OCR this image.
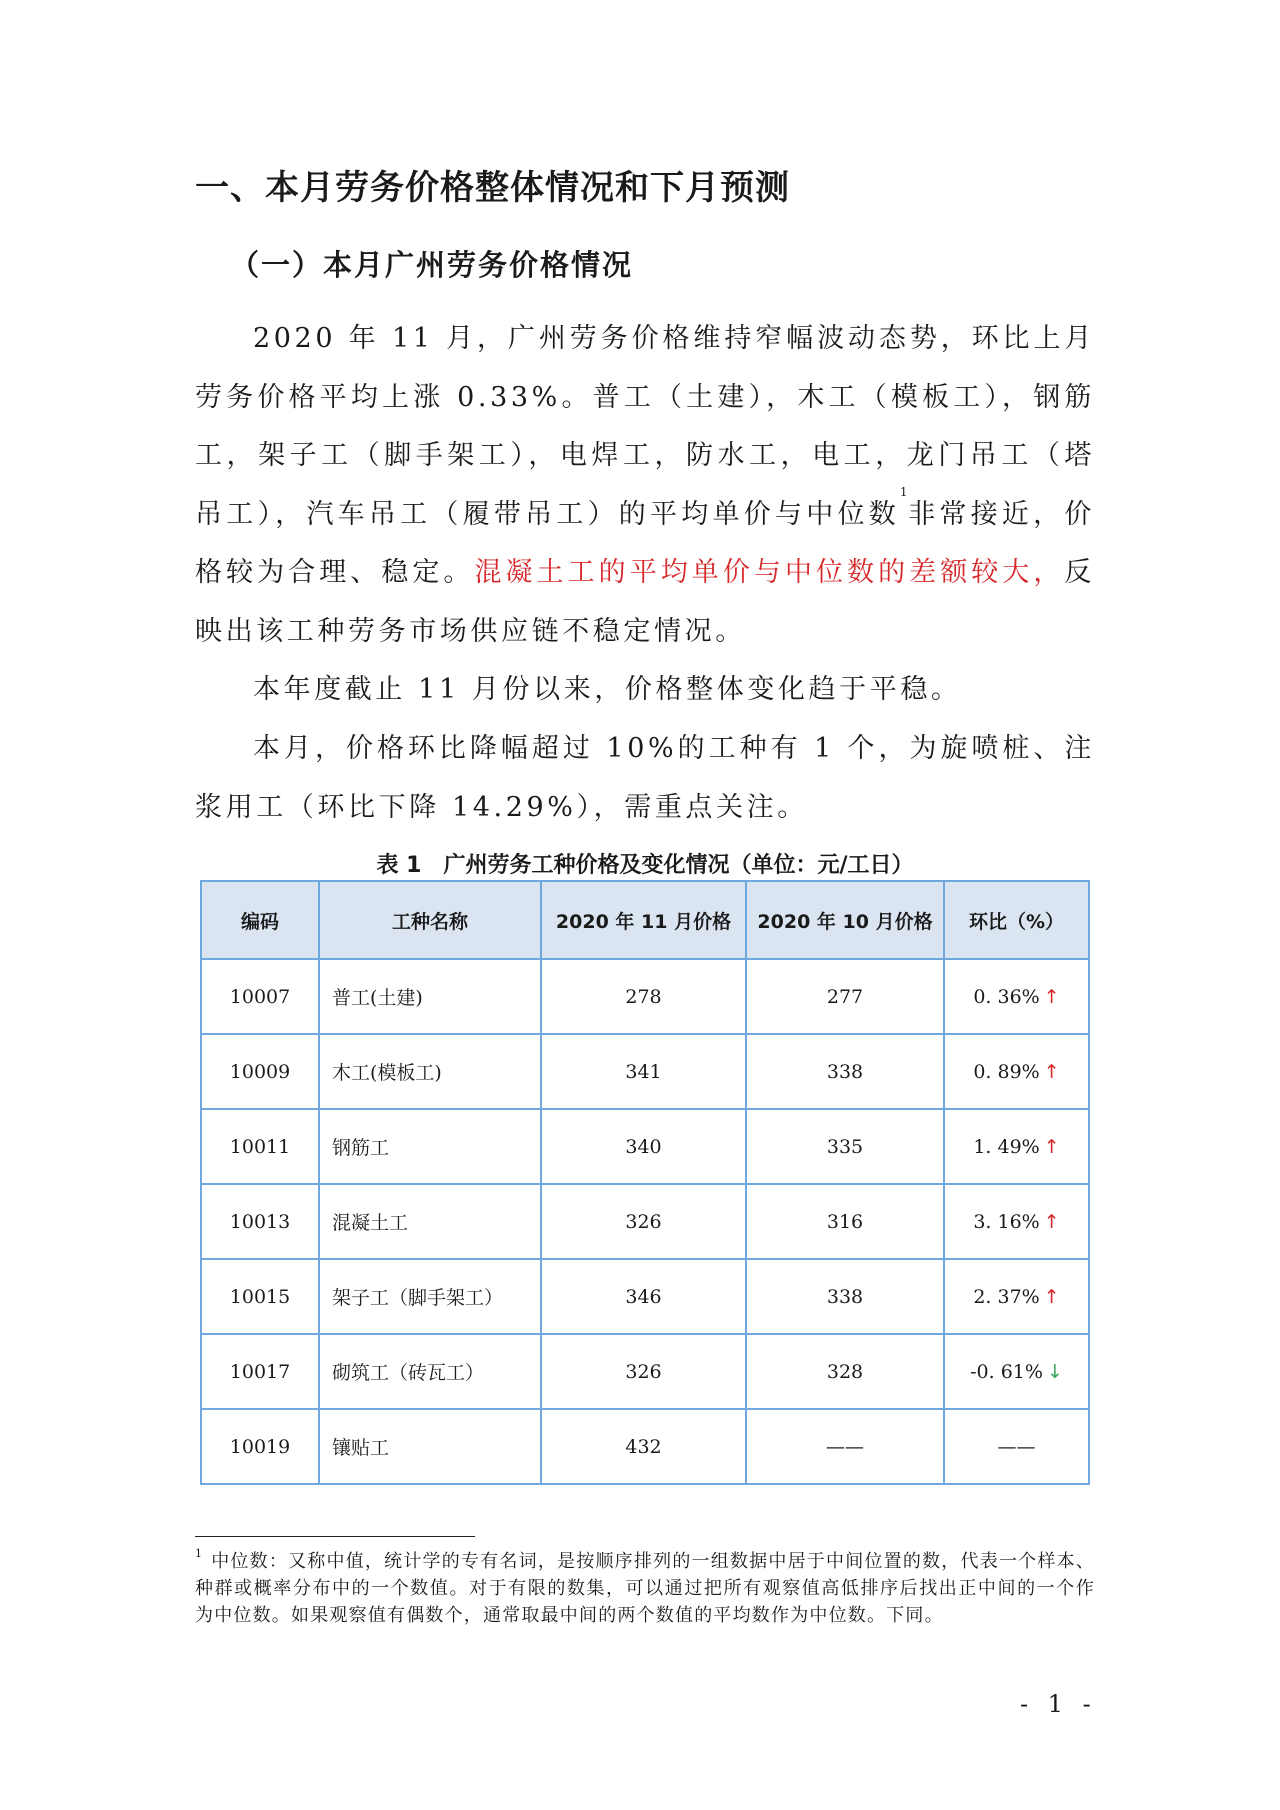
一、本月劳务价格整体情况和下月预测
（一）本月广州劳务价格情况

2020 年 11 月，广州劳务价格维持窄幅波动态势，环比上月劳务价格平均上涨 0.33%。普工（土建），木工（模板工），钢筋工，架子工（脚手架工），电焊工，防水工，电工，龙门吊工（塔吊工），汽车吊工（履带吊工）的平均单价与中位数$^1$非常接近，价格较为合理、稳定。混凝土工的平均单价与中位数的差额较大，反映出该工种劳务市场供应链不稳定情况。

本年度截止 11 月份以来，价格整体变化趋于平稳。

本月，价格环比降幅超过 10%的工种有 1 个，为旋喷桩、注浆用工（环比下降 14.29%），需重点关注。

表 1　广州劳务工种价格及变化情况（单位：元/工日）

编码	工种名称	2020 年 11 月价格	2020 年 10 月价格	环比（%）
10007	普工(土建)	278	277	0. 36% ↑
10009	木工(模板工)	341	338	0. 89% ↑
10011	钢筋工	340	335	1. 49% ↑
10013	混凝土工	326	316	3. 16% ↑
10015	架子工（脚手架工）	346	338	2. 37% ↑
10017	砌筑工（砖瓦工）	326	328	-0. 61% ↓
10019	镶贴工	432	——	——

$^1$ 中位数：又称中值，统计学的专有名词，是按顺序排列的一组数据中居于中间位置的数，代表一个样本、种群或概率分布中的一个数值。对于有限的数集，可以通过把所有观察值高低排序后找出正中间的一个作为中位数。如果观察值有偶数个，通常取最中间的两个数值的平均数作为中位数。下同。

- 1 -
